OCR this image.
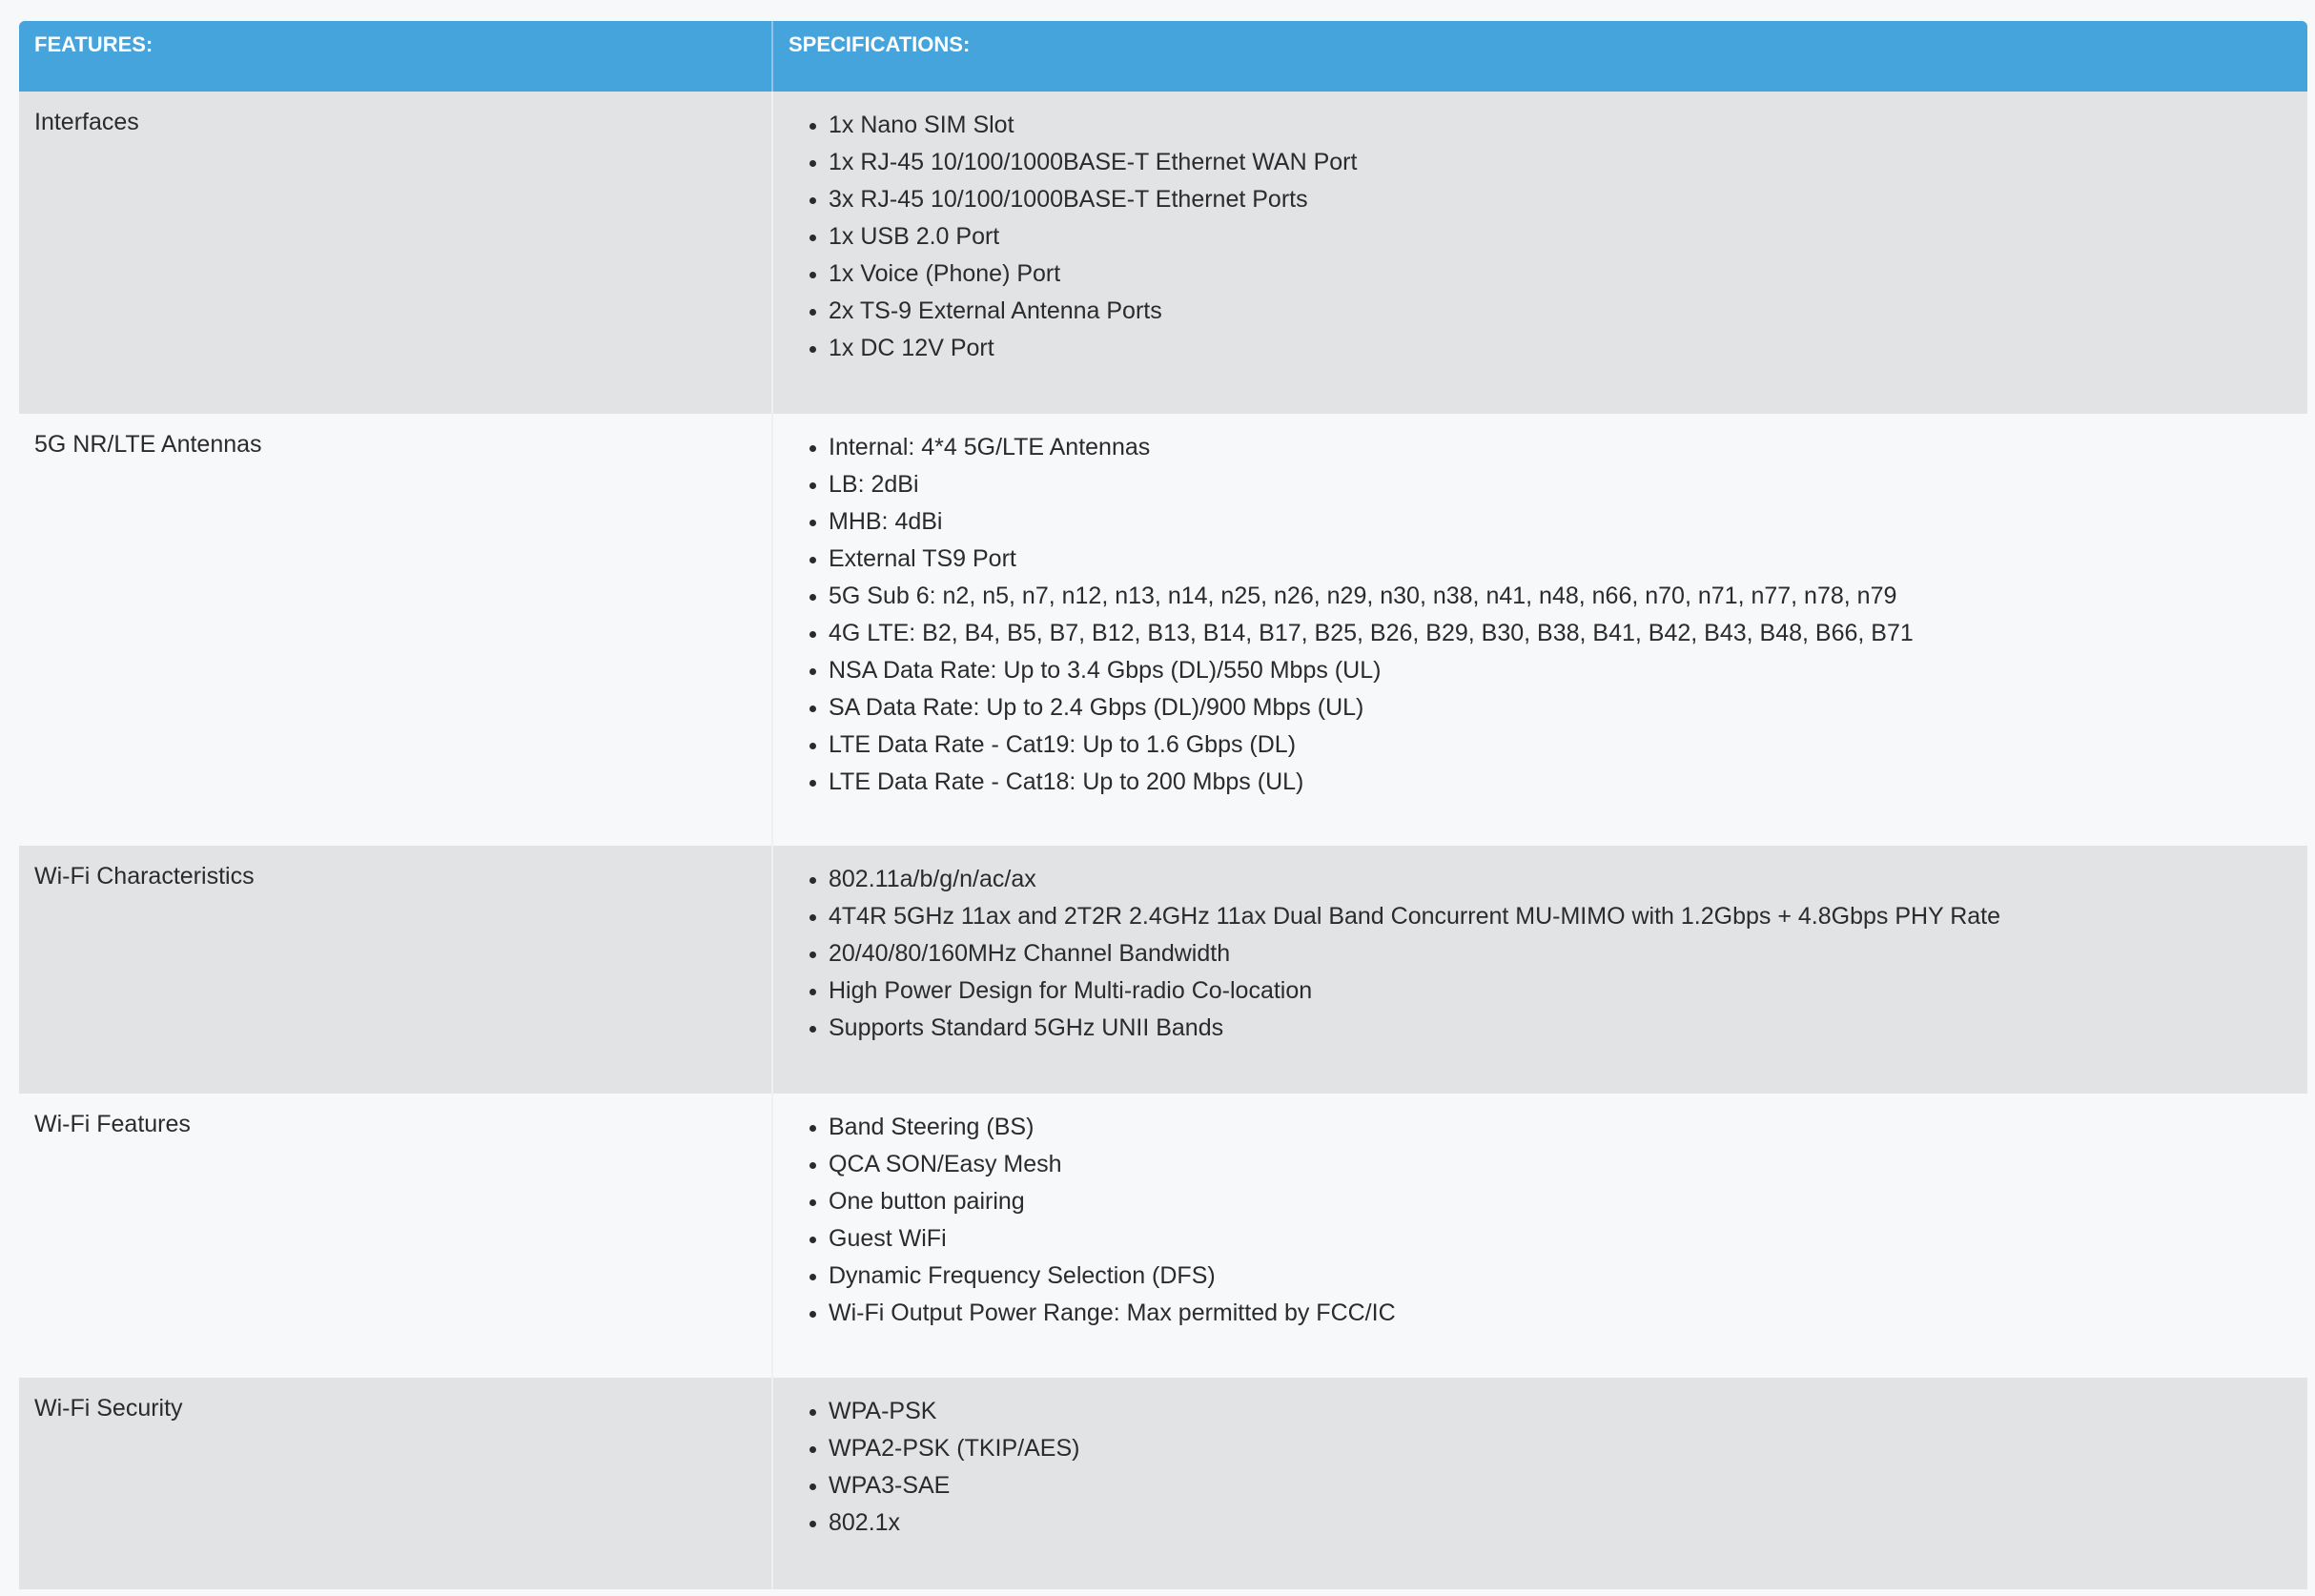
FEATURES:	SPECIFICATIONS:
Interfaces	1x Nano SIM Slot
1x RJ-45 10/100/1000BASE-T Ethernet WAN Port
3x RJ-45 10/100/1000BASE-T Ethernet Ports
1x USB 2.0 Port
1x Voice (Phone) Port
2x TS-9 External Antenna Ports
1x DC 12V Port
5G NR/LTE Antennas	Internal: 4*4 5G/LTE Antennas
LB: 2dBi
MHB: 4dBi
External TS9 Port
5G Sub 6: n2, n5, n7, n12, n13, n14, n25, n26, n29, n30, n38, n41, n48, n66, n70, n71, n77, n78, n79
4G LTE: B2, B4, B5, B7, B12, B13, B14, B17, B25, B26, B29, B30, B38, B41, B42, B43, B48, B66, B71
NSA Data Rate: Up to 3.4 Gbps (DL)/550 Mbps (UL)
SA Data Rate: Up to 2.4 Gbps (DL)/900 Mbps (UL)
LTE Data Rate - Cat19: Up to 1.6 Gbps (DL)
LTE Data Rate - Cat18: Up to 200 Mbps (UL)
Wi-Fi Characteristics	802.11a/b/g/n/ac/ax
4T4R 5GHz 11ax and 2T2R 2.4GHz 11ax Dual Band Concurrent MU-MIMO with 1.2Gbps + 4.8Gbps PHY Rate
20/40/80/160MHz Channel Bandwidth
High Power Design for Multi-radio Co-location
Supports Standard 5GHz UNII Bands
Wi-Fi Features	Band Steering (BS)
QCA SON/Easy Mesh
One button pairing
Guest WiFi
Dynamic Frequency Selection (DFS)
Wi-Fi Output Power Range: Max permitted by FCC/IC
Wi-Fi Security	WPA-PSK
WPA2-PSK (TKIP/AES)
WPA3-SAE
802.1x
